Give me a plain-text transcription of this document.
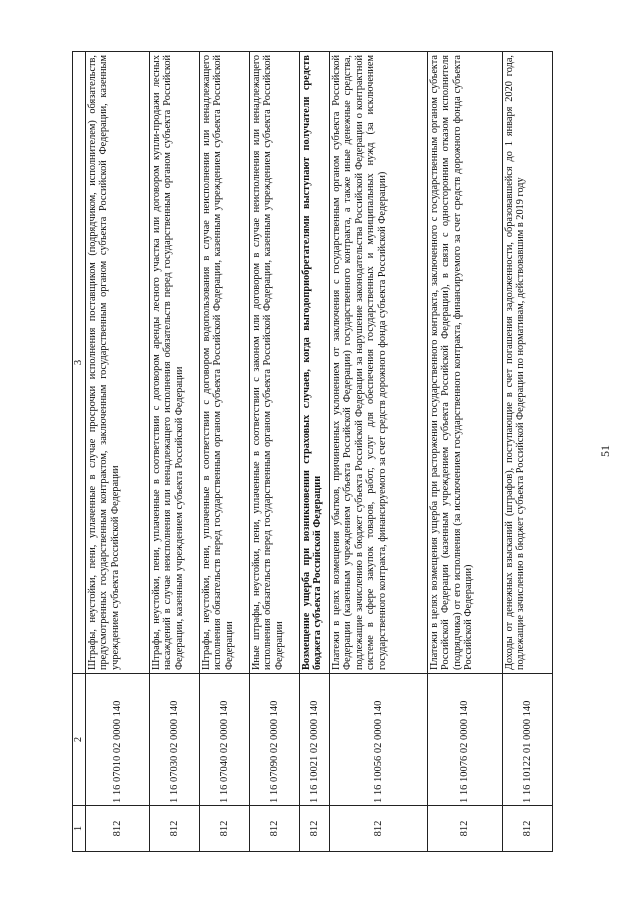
51
1	2	3
812	1 16 07010 02 0000 140	Штрафы, неустойки, пени, уплаченные в случае просрочки исполнения поставщиком (подрядчиком, исполнителем) обязательств, предусмотренных государственным контрактом, заключенным государственным органом субъекта Российской Федерации, казенным учреждением субъекта Российской Федерации
812	1 16 07030 02 0000 140	Штрафы, неустойки, пени, уплаченные в соответствии с договором аренды лесного участка или договором купли-продажи лесных насаждений в случае неисполнения или ненадлежащего исполнения обязательств перед государственным органом субъекта Российской Федерации, казенным учреждением субъекта Российской Федерации
812	1 16 07040 02 0000 140	Штрафы, неустойки, пени, уплаченные в соответствии с договором водопользования в случае неисполнения или ненадлежащего исполнения обязательств перед государственным органом субъекта Российской Федерации, казенным учреждением субъекта Российской Федерации
812	1 16 07090 02 0000 140	Иные штрафы, неустойки, пени, уплаченные в соответствии с законом или договором в случае неисполнения или ненадлежащего исполнения обязательств перед государственным органом субъекта Российской Федерации, казенным учреждением субъекта Российской Федерации
812	1 16 10021 02 0000 140	Возмещение ущерба при возникновении страховых случаев, когда выгодоприобретателями выступают получатели средств бюджета субъекта Российской Федерации
812	1 16 10056 02 0000 140	Платежи в целях возмещения убытков, причиненных уклонением от заключения с государственным органом субъекта Российской Федерации (казенным учреждением субъекта Российской Федерации) государственного контракта, а также иные денежные средства, подлежащие зачислению в бюджет субъекта Российской Федерации за нарушение законодательства Российской Федерации о контрактной системе в сфере закупок товаров, работ, услуг для обеспечения государственных и муниципальных нужд (за исключением государственного контракта, финансируемого за счет средств дорожного фонда субъекта Российской Федерации)
812	1 16 10076 02 0000 140	Платежи в целях возмещения ущерба при расторжении государственного контракта, заключенного с государственным органом субъекта Российской Федерации (казенным учреждением субъекта Российской Федерации), в связи с односторонним отказом исполнителя (подрядчика) от его исполнения (за исключением государственного контракта, финансируемого за счет средств дорожного фонда субъекта Российской Федерации)
812	1 16 10122 01 0000 140	Доходы от денежных взысканий (штрафов), поступающие в счет погашения задолженности, образовавшейся до 1 января 2020 года, подлежащие зачислению в бюджет субъекта Российской Федерации по нормативам, действовавшим в 2019 году
